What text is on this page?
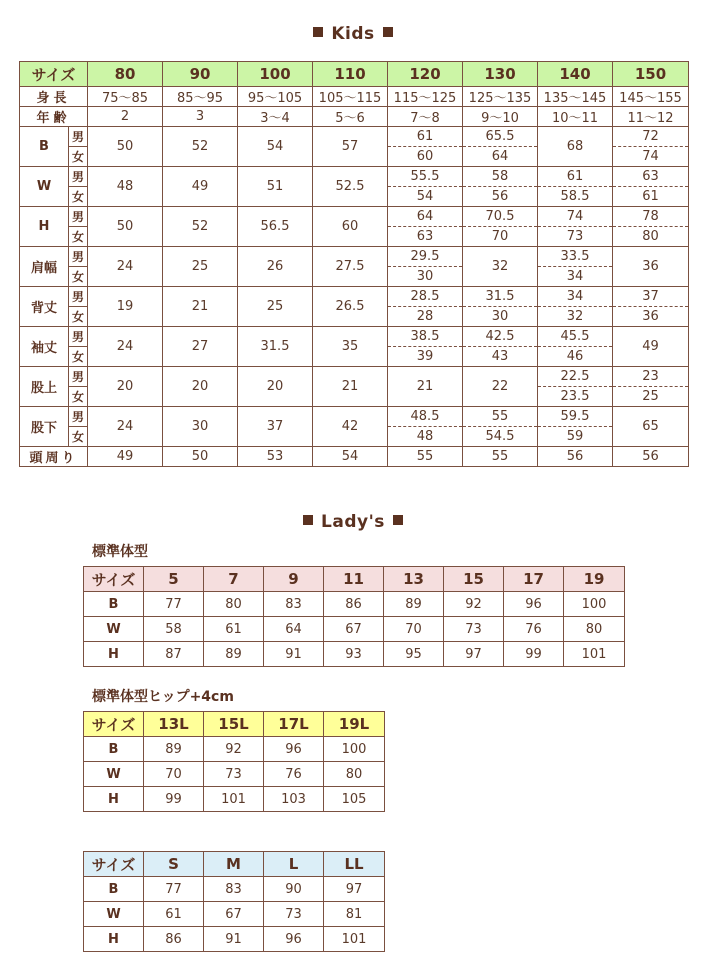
Kids
サイズ		80	90	100	110	120	130	140	150
身長		75〜85	85〜95	95〜105	105〜115	115〜125	125〜135	135〜145	145〜155
年齢		2	3	3〜4	5〜6	7〜8	9〜10	10〜11	11〜12
B	男	50	52	54	57	61	65.5	68	72
	女					60	64		74
W	男	48	49	51	52.5	55.5	58	61	63
	女					54	56	58.5	61
H	男	50	52	56.5	60	64	70.5	74	78
	女					63	70	73	80
肩幅	男	24	25	26	27.5	29.5	32	33.5	36
	女					30		34	
背丈	男	19	21	25	26.5	28.5	31.5	34	37
	女					28	30	32	36
袖丈	男	24	27	31.5	35	38.5	42.5	45.5	49
	女					39	43	46	
股上	男	20	20	20	21	21	22	22.5	23
	女							23.5	25
股下	男	24	30	37	42	48.5	55	59.5	65
	女					48	54.5	59	
頭周り		49	50	53	54	55	55	56	56
Lady's
標準体型
サイズ	5	7	9	11	13	15	17	19
B	77	80	83	86	89	92	96	100
W	58	61	64	67	70	73	76	80
H	87	89	91	93	95	97	99	101
標準体型ヒップ+4cm
サイズ	13L	15L	17L	19L
B	89	92	96	100
W	70	73	76	80
H	99	101	103	105
サイズ	S	M	L	LL
B	77	83	90	97
W	61	67	73	81
H	86	91	96	101
